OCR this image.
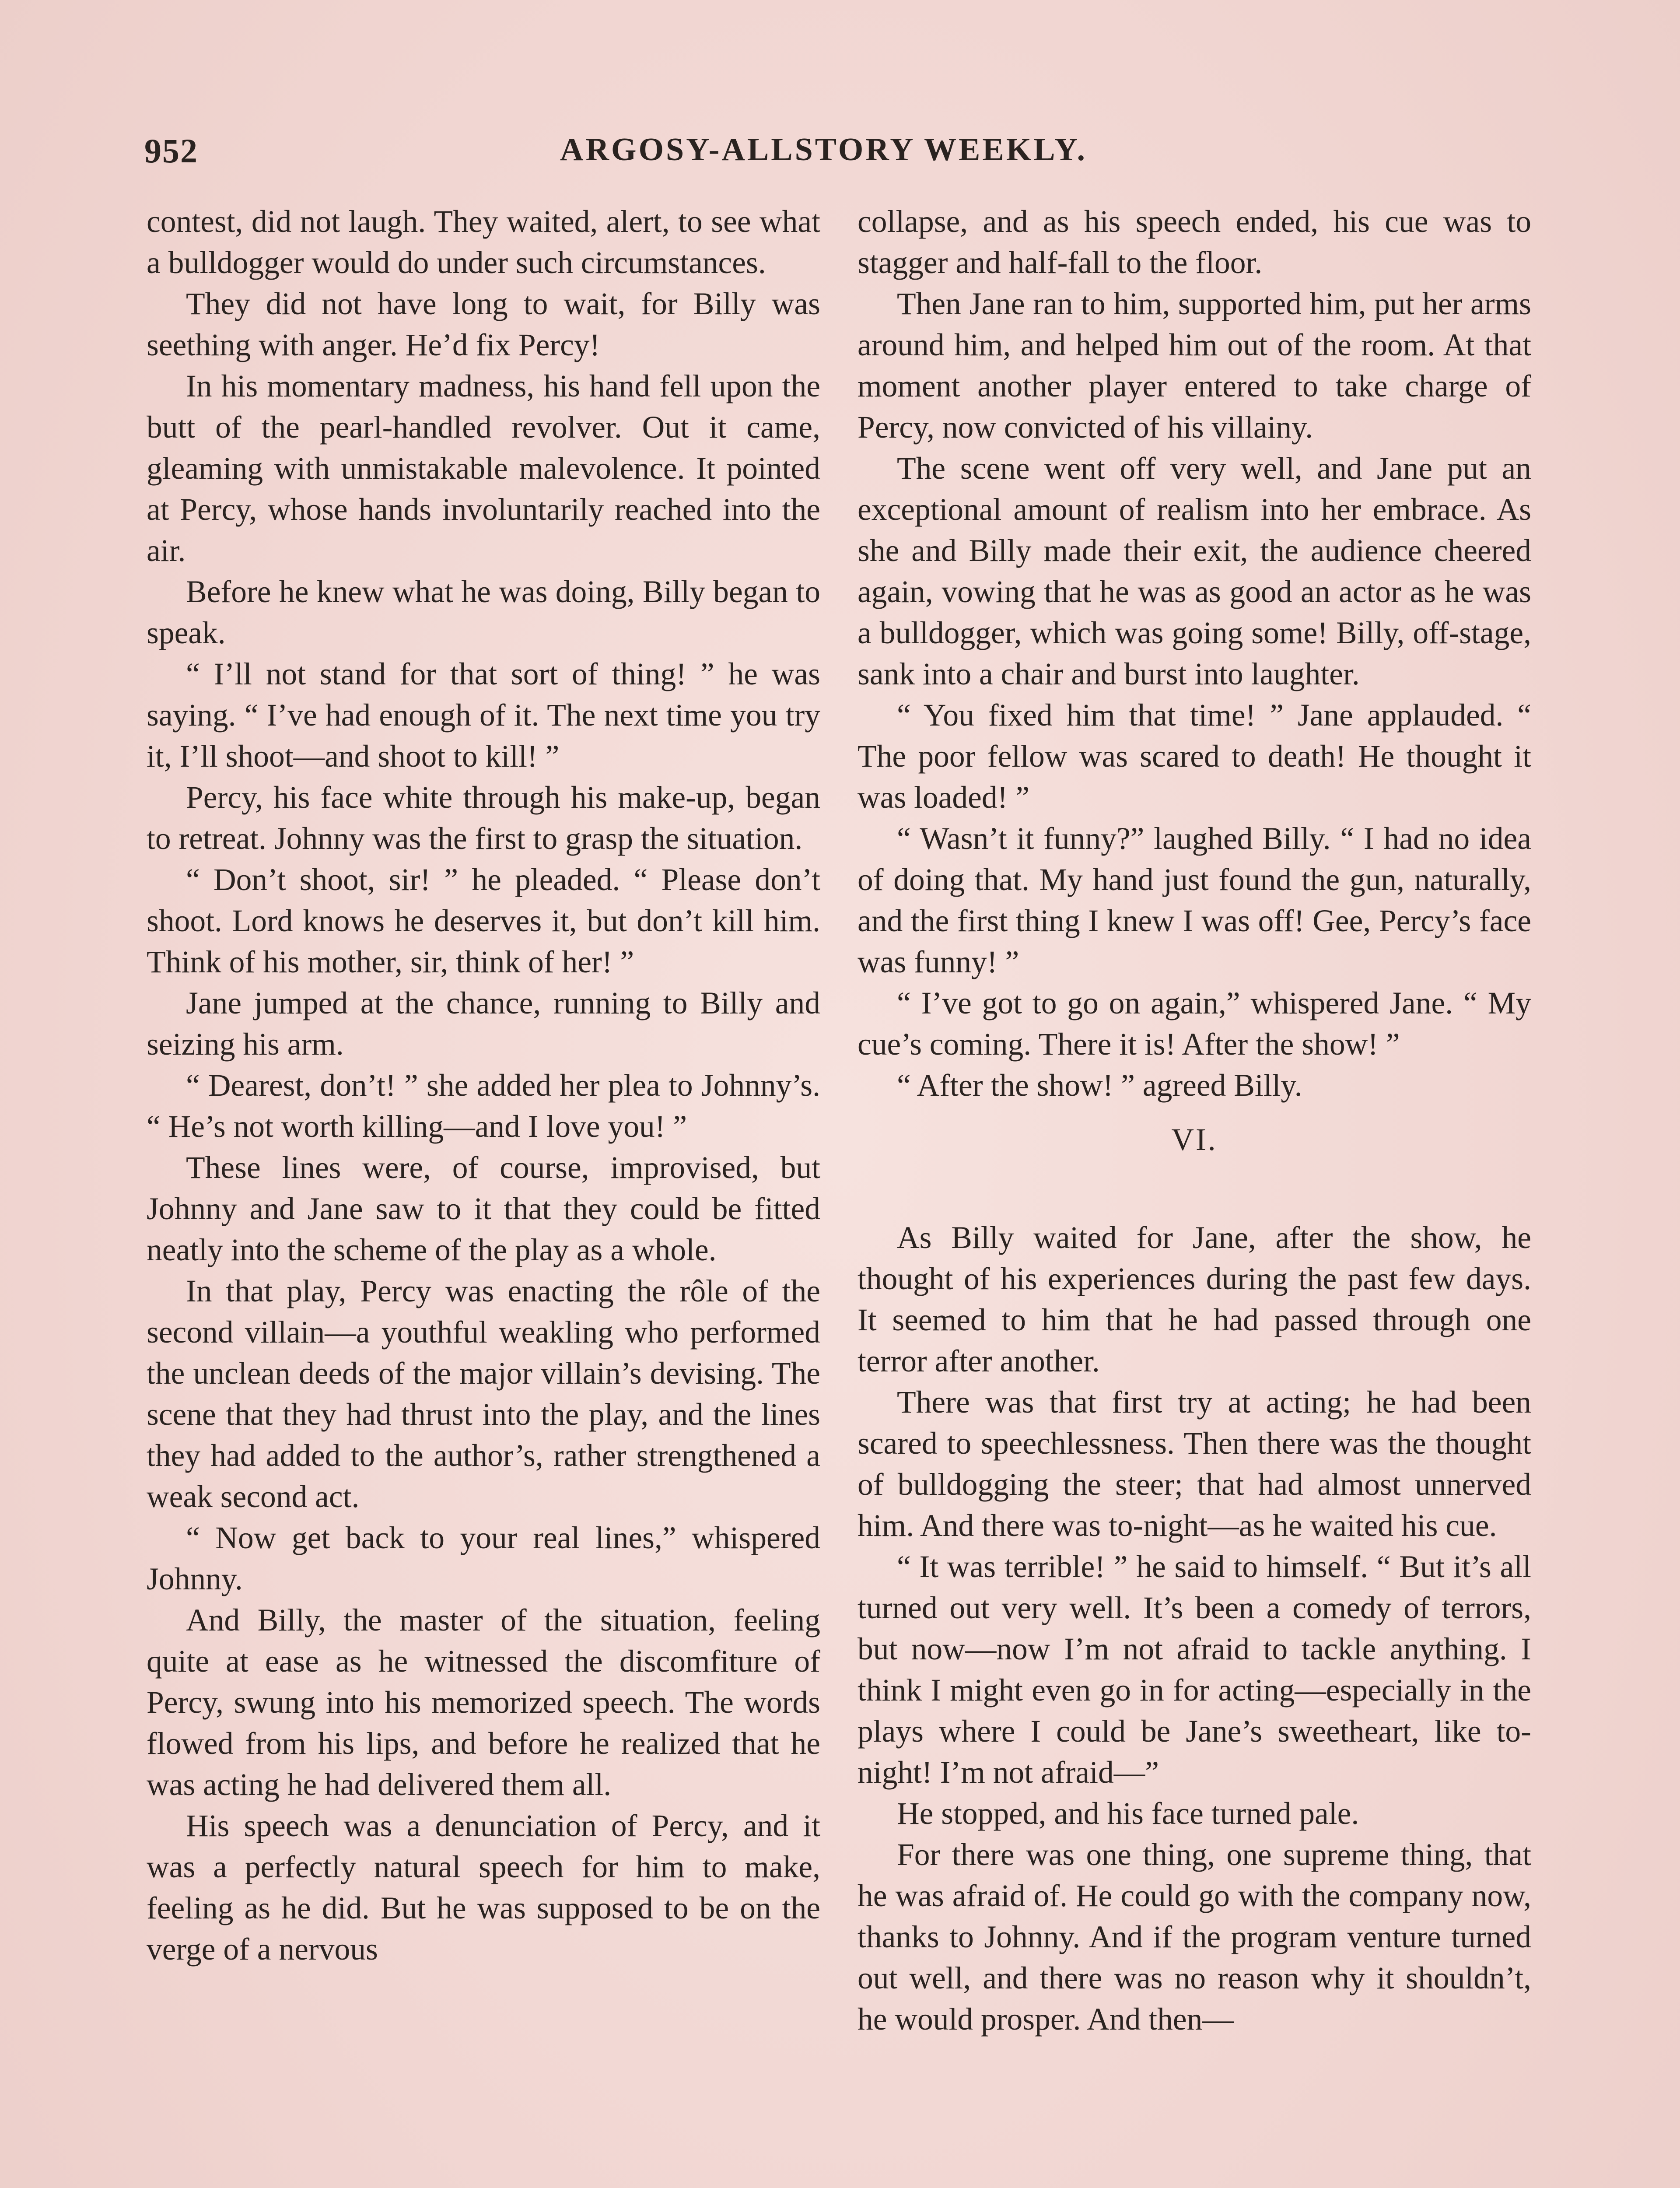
952	ARGOSY-ALLSTORY WEEKLY.

contest, did not laugh. They waited, alert, to see what a bulldogger would do under such circumstances.

They did not have long to wait, for Billy was seething with anger. He’d fix Percy!

In his momentary madness, his hand fell upon the butt of the pearl-handled revolver. Out it came, gleaming with unmistakable malevolence. It pointed at Percy, whose hands involuntarily reached into the air.

Before he knew what he was doing, Billy began to speak.

“ I’ll not stand for that sort of thing! ” he was saying. “ I’ve had enough of it. The next time you try it, I’ll shoot—and shoot to kill! ”

Percy, his face white through his make-up, began to retreat. Johnny was the first to grasp the situation.

“ Don’t shoot, sir! ” he pleaded. “ Please don’t shoot. Lord knows he deserves it, but don’t kill him. Think of his mother, sir, think of her! ”

Jane jumped at the chance, running to Billy and seizing his arm.

“ Dearest, don’t! ” she added her plea to Johnny’s. “ He’s not worth killing—and I love you! ”

These lines were, of course, improvised, but Johnny and Jane saw to it that they could be fitted neatly into the scheme of the play as a whole.

In that play, Percy was enacting the rôle of the second villain—a youthful weakling who performed the unclean deeds of the major villain’s devising. The scene that they had thrust into the play, and the lines they had added to the author’s, rather strengthened a weak second act.

“ Now get back to your real lines,” whispered Johnny.

And Billy, the master of the situation, feeling quite at ease as he witnessed the discomfiture of Percy, swung into his memorized speech. The words flowed from his lips, and before he realized that he was acting he had delivered them all.

His speech was a denunciation of Percy, and it was a perfectly natural speech for him to make, feeling as he did. But he was supposed to be on the verge of a nervous

collapse, and as his speech ended, his cue was to stagger and half-fall to the floor.

Then Jane ran to him, supported him, put her arms around him, and helped him out of the room. At that moment another player entered to take charge of Percy, now convicted of his villainy.

The scene went off very well, and Jane put an exceptional amount of realism into her embrace. As she and Billy made their exit, the audience cheered again, vowing that he was as good an actor as he was a bulldogger, which was going some! Billy, off-stage, sank into a chair and burst into laughter.

“ You fixed him that time! ” Jane applauded. “ The poor fellow was scared to death! He thought it was loaded! ”

“ Wasn’t it funny?” laughed Billy. “ I had no idea of doing that. My hand just found the gun, naturally, and the first thing I knew I was off! Gee, Percy’s face was funny! ”

“ I’ve got to go on again,” whispered Jane. “ My cue’s coming. There it is! After the show! ”

“ After the show! ” agreed Billy.

VI.

As Billy waited for Jane, after the show, he thought of his experiences during the past few days. It seemed to him that he had passed through one terror after another.

There was that first try at acting; he had been scared to speechlessness. Then there was the thought of bulldogging the steer; that had almost unnerved him. And there was to-night—as he waited his cue.

“ It was terrible! ” he said to himself. “ But it’s all turned out very well. It’s been a comedy of terrors, but now—now I’m not afraid to tackle anything. I think I might even go in for acting—especially in the plays where I could be Jane’s sweetheart, like to-night! I’m not afraid—”

He stopped, and his face turned pale.

For there was one thing, one supreme thing, that he was afraid of. He could go with the company now, thanks to Johnny. And if the program venture turned out well, and there was no reason why it shouldn’t, he would prosper. And then—
